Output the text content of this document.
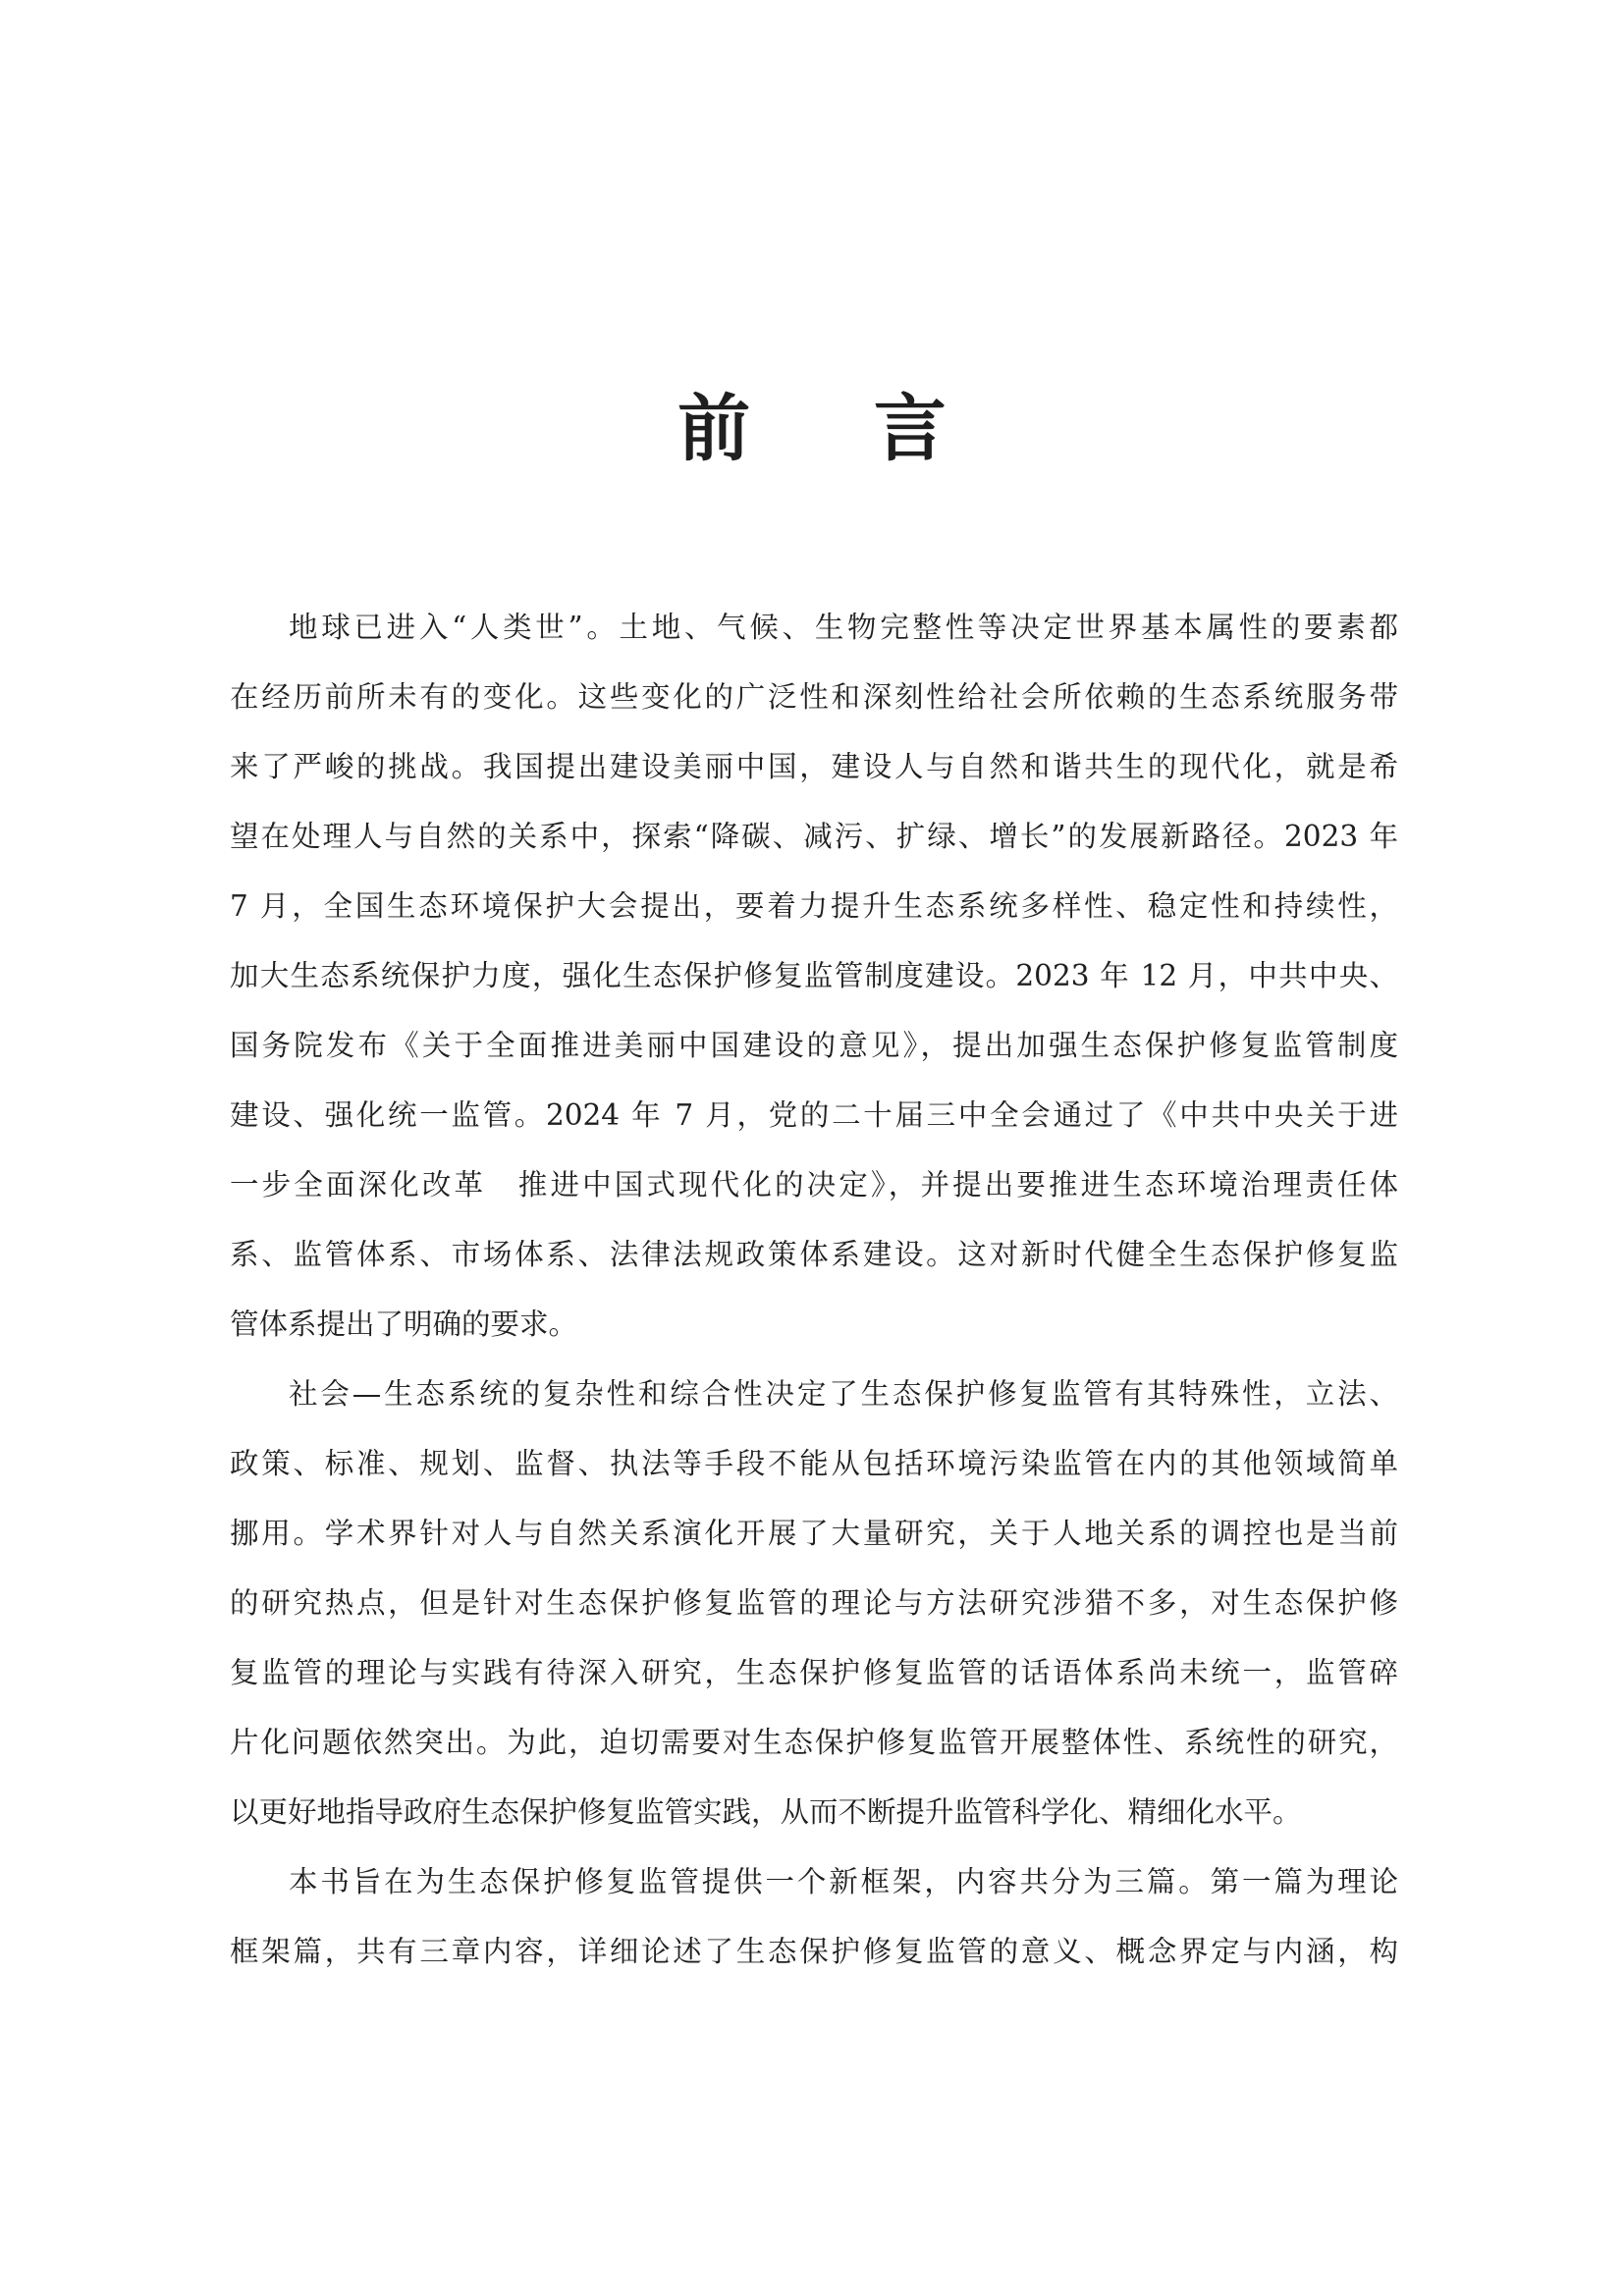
前 言
地球已进入“人类世”。土地、气候、生物完整性等决定世界基本属性的要素都
在经历前所未有的变化。这些变化的广泛性和深刻性给社会所依赖的生态系统服务带
来了严峻的挑战。我国提出建设美丽中国，建设人与自然和谐共生的现代化，就是希
望在处理人与自然的关系中，探索“降碳、减污、扩绿、增长”的发展新路径。2023 年
7 月，全国生态环境保护大会提出，要着力提升生态系统多样性、稳定性和持续性，
加大生态系统保护力度，强化生态保护修复监管制度建设。2023 年 12 月，中共中央、
国务院发布《关于全面推进美丽中国建设的意见》，提出加强生态保护修复监管制度
建设、强化统一监管。2024 年 7 月，党的二十届三中全会通过了《中共中央关于进
一步全面深化改革　推进中国式现代化的决定》，并提出要推进生态环境治理责任体
系、监管体系、市场体系、法律法规政策体系建设。这对新时代健全生态保护修复监
管体系提出了明确的要求。
社会—生态系统的复杂性和综合性决定了生态保护修复监管有其特殊性，立法、
政策、标准、规划、监督、执法等手段不能从包括环境污染监管在内的其他领域简单
挪用。学术界针对人与自然关系演化开展了大量研究，关于人地关系的调控也是当前
的研究热点，但是针对生态保护修复监管的理论与方法研究涉猎不多，对生态保护修
复监管的理论与实践有待深入研究，生态保护修复监管的话语体系尚未统一，监管碎
片化问题依然突出。为此，迫切需要对生态保护修复监管开展整体性、系统性的研究，
以更好地指导政府生态保护修复监管实践，从而不断提升监管科学化、精细化水平。
本书旨在为生态保护修复监管提供一个新框架，内容共分为三篇。第一篇为理论
框架篇，共有三章内容，详细论述了生态保护修复监管的意义、概念界定与内涵，构
